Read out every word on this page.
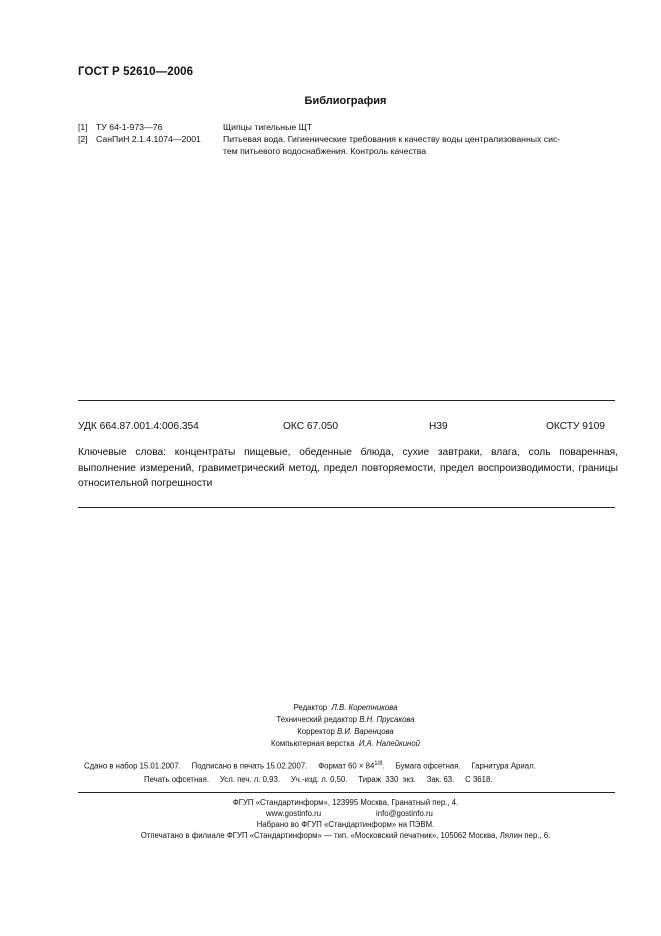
ГОСТ Р 52610—2006
Библиография
[1] ТУ 64-1-973—76	Щипцы тигельные ЩТ
[2] СанПиН 2.1.4.1074—2001	Питьевая вода. Гигиенические требования к качеству воды централизованных сис-
тем питьевого водоснабжения. Контроль качества
УДК 664.87.001.4:006.354	ОКС 67.050	Н39	ОКСТУ 9109
Ключевые слова: концентраты пищевые, обеденные блюда, сухие завтраки, влага, соль поваренная, выполнение измерений, гравиметрический метод, предел повторяемости, предел воспроизводимости, границы относительной погрешности
Редактор Л.В. Коретникова
Технический редактор В.Н. Прусакова
Корректор В.И. Варенцова
Компьютерная верстка И.А. Налейкиной
Сдано в набор 15.01.2007.     Подписано в печать 15.02.2007.     Формат $60 \times 84^{1/8}$.     Бумага офсетная.     Гарнитура Ариал.
Печать офсетная.     Усл. печ. л. 0,93.     Уч.-изд. л. 0,50.     Тираж  330  экз.     Зак. 63.     С 3618.
ФГУП «Стандартинформ», 123995 Москва, Гранатный пер., 4.
www.gostinfo.ru	info@gostinfo.ru
Набрано во ФГУП «Стандартинформ» на ПЭВМ.
Отпечатано в филиале ФГУП «Стандартинформ» — тип. «Московский печатник», 105062 Москва, Лялин пер., 6.
